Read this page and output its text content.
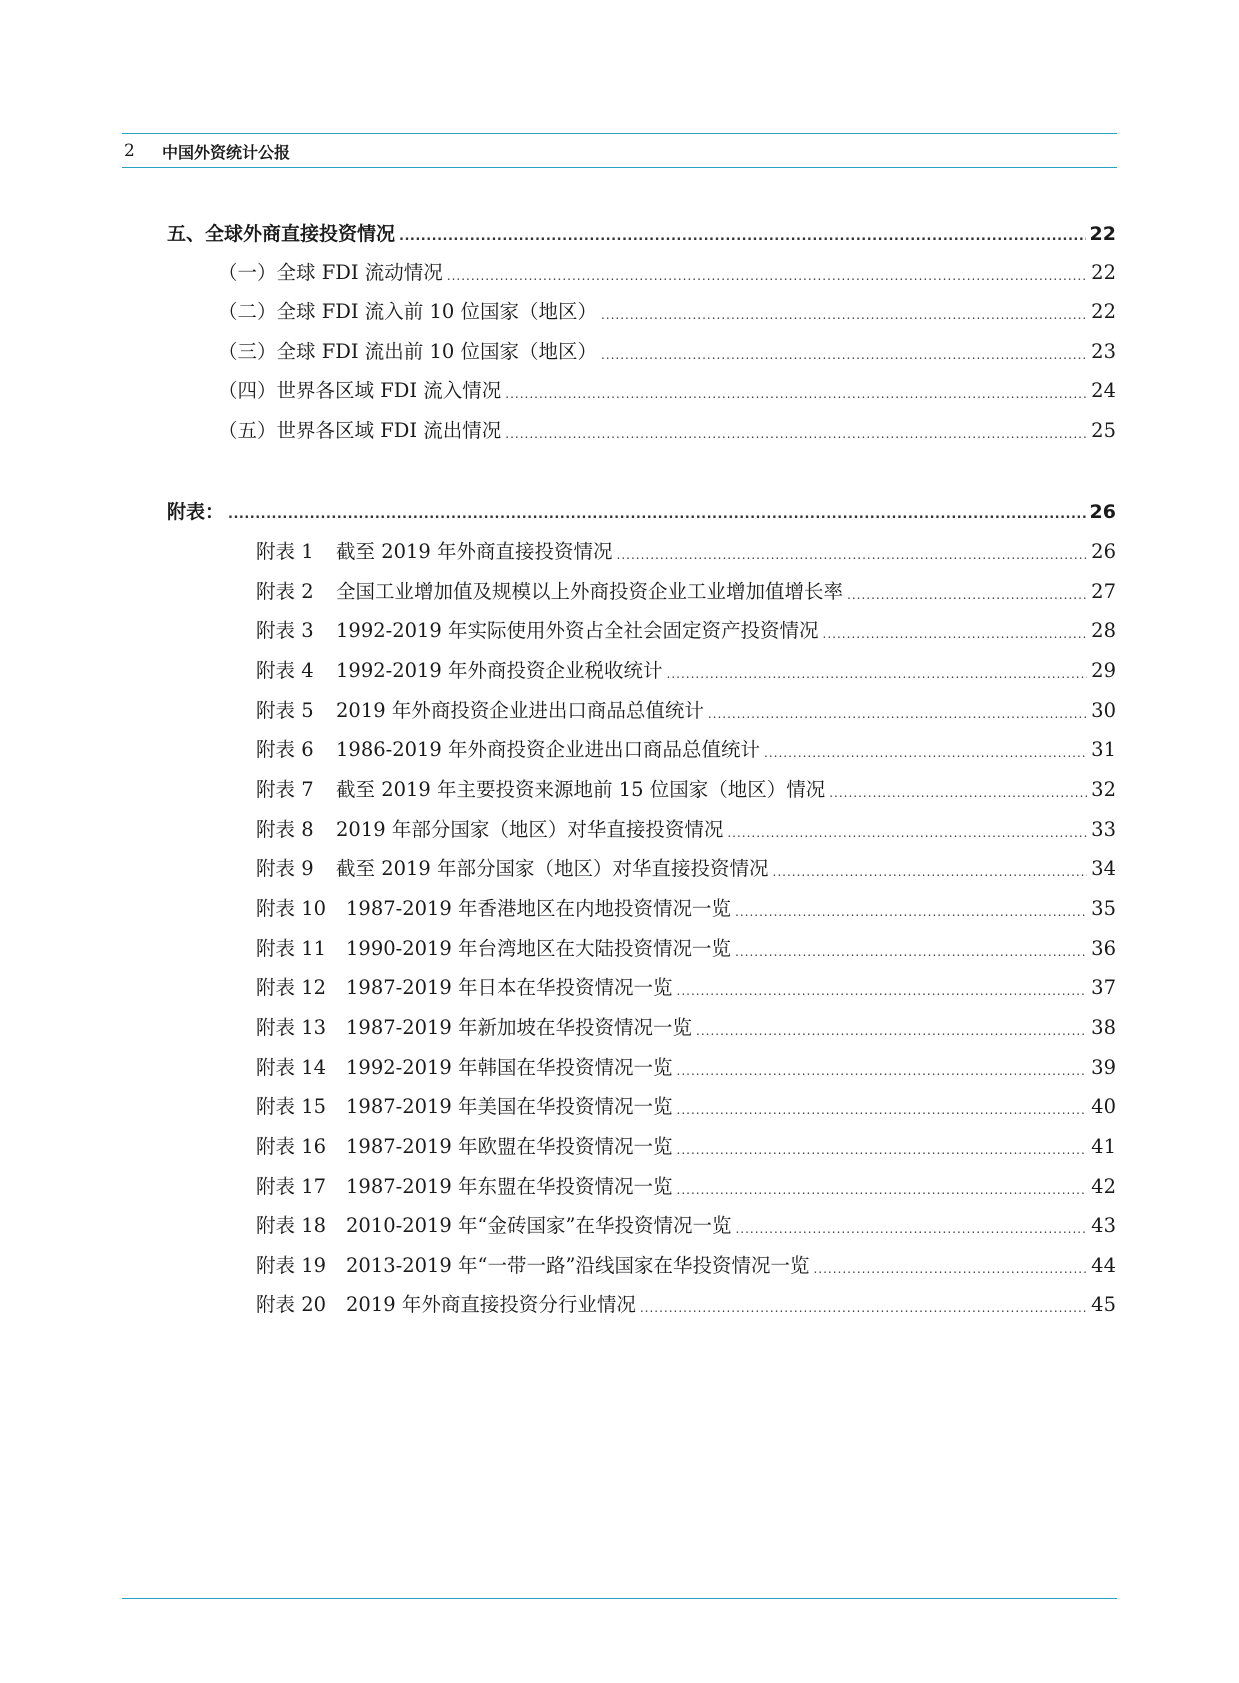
2	中国外资统计公报
五、全球外商直接投资情况 .....	22
（一）全球 FDI 流动情况 .....	22
（二）全球 FDI 流入前 10 位国家（地区） .....	22
（三）全球 FDI 流出前 10 位国家（地区） .....	23
（四）世界各区域 FDI 流入情况 .....	24
（五）世界各区域 FDI 流出情况 .....	25
附表： .....	26
附表 1 截至 2019 年外商直接投资情况 .....	26
附表 2 全国工业增加值及规模以上外商投资企业工业增加值增长率 .....	27
附表 3 1992-2019 年实际使用外资占全社会固定资产投资情况 .....	28
附表 4 1992-2019 年外商投资企业税收统计 .....	29
附表 5 2019 年外商投资企业进出口商品总值统计 .....	30
附表 6 1986-2019 年外商投资企业进出口商品总值统计 .....	31
附表 7 截至 2019 年主要投资来源地前 15 位国家（地区）情况 .....	32
附表 8 2019 年部分国家（地区）对华直接投资情况 .....	33
附表 9 截至 2019 年部分国家（地区）对华直接投资情况 .....	34
附表 10 1987-2019 年香港地区在内地投资情况一览 .....	35
附表 11 1990-2019 年台湾地区在大陆投资情况一览 .....	36
附表 12 1987-2019 年日本在华投资情况一览 .....	37
附表 13 1987-2019 年新加坡在华投资情况一览 .....	38
附表 14 1992-2019 年韩国在华投资情况一览 .....	39
附表 15 1987-2019 年美国在华投资情况一览 .....	40
附表 16 1987-2019 年欧盟在华投资情况一览 .....	41
附表 17 1987-2019 年东盟在华投资情况一览 .....	42
附表 18 2010-2019 年“金砖国家”在华投资情况一览 .....	43
附表 19 2013-2019 年“一带一路”沿线国家在华投资情况一览 .....	44
附表 20 2019 年外商直接投资分行业情况 .....	45
